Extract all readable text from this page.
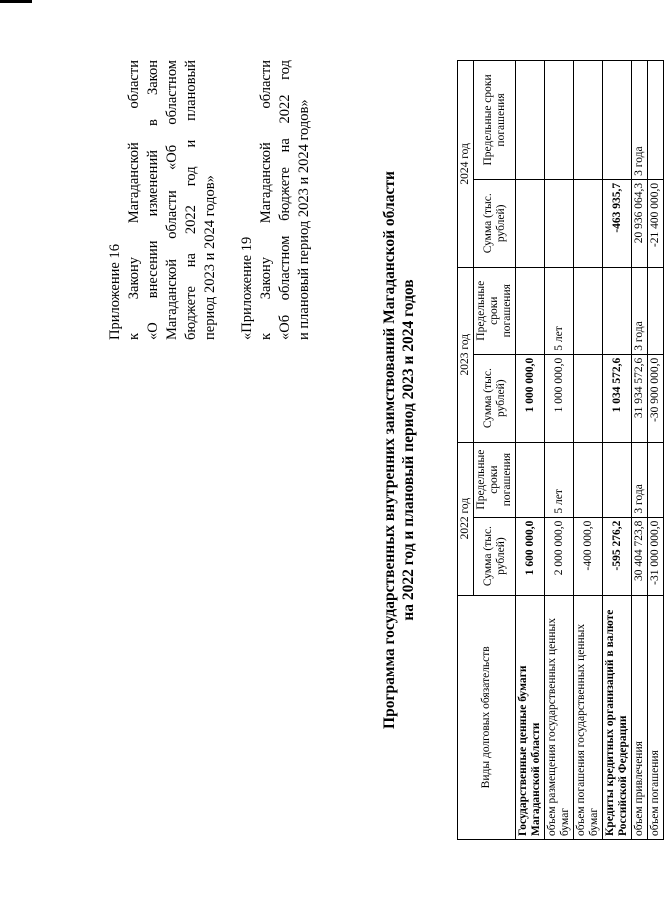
Приложение 16 к
Закону
Магаданской
области
«О
внесении
изменений
в
Закон
Магаданской
области
«Об
областном
бюджете
на
2022
год
и
плановый
период 2023 и 2024 годов» «Приложение 19 к
Закону
Магаданской
области
«Об
областном
бюджете
на
2022
год
и плановый период 2023 и 2024 годов»	Программа государственных внутренних заимствований Магаданской области на 2022 год и плановый период 2023 и 2024 годов
Виды долговых обязательств	2022 год		2023 год		2024 год	
	Сумма (тыс. рублей)	Предельные сроки погашения	Сумма (тыс. рублей)	Предельные сроки погашения	Сумма (тыс. рублей)	Предельные сроки погашения
Государственные ценные бумаги Магаданской области	1 600 000,0		1 000 000,0			
объем размещения государственных ценных бумаг	2 000 000,0	5 лет	1 000 000,0	5 лет		
объем погашения государственных ценных бумаг	-400 000,0					
Кредиты кредитных организаций в валюте Российской Федерации	-595 276,2		1 034 572,6		-463 935,7	
объем привлечения	30 404 723,8	3 года	31 934 572,6	3 года	20 936 064,3	3 года
объем погашения	-31 000 000,0		-30 900 000,0		-21 400 000,0	
